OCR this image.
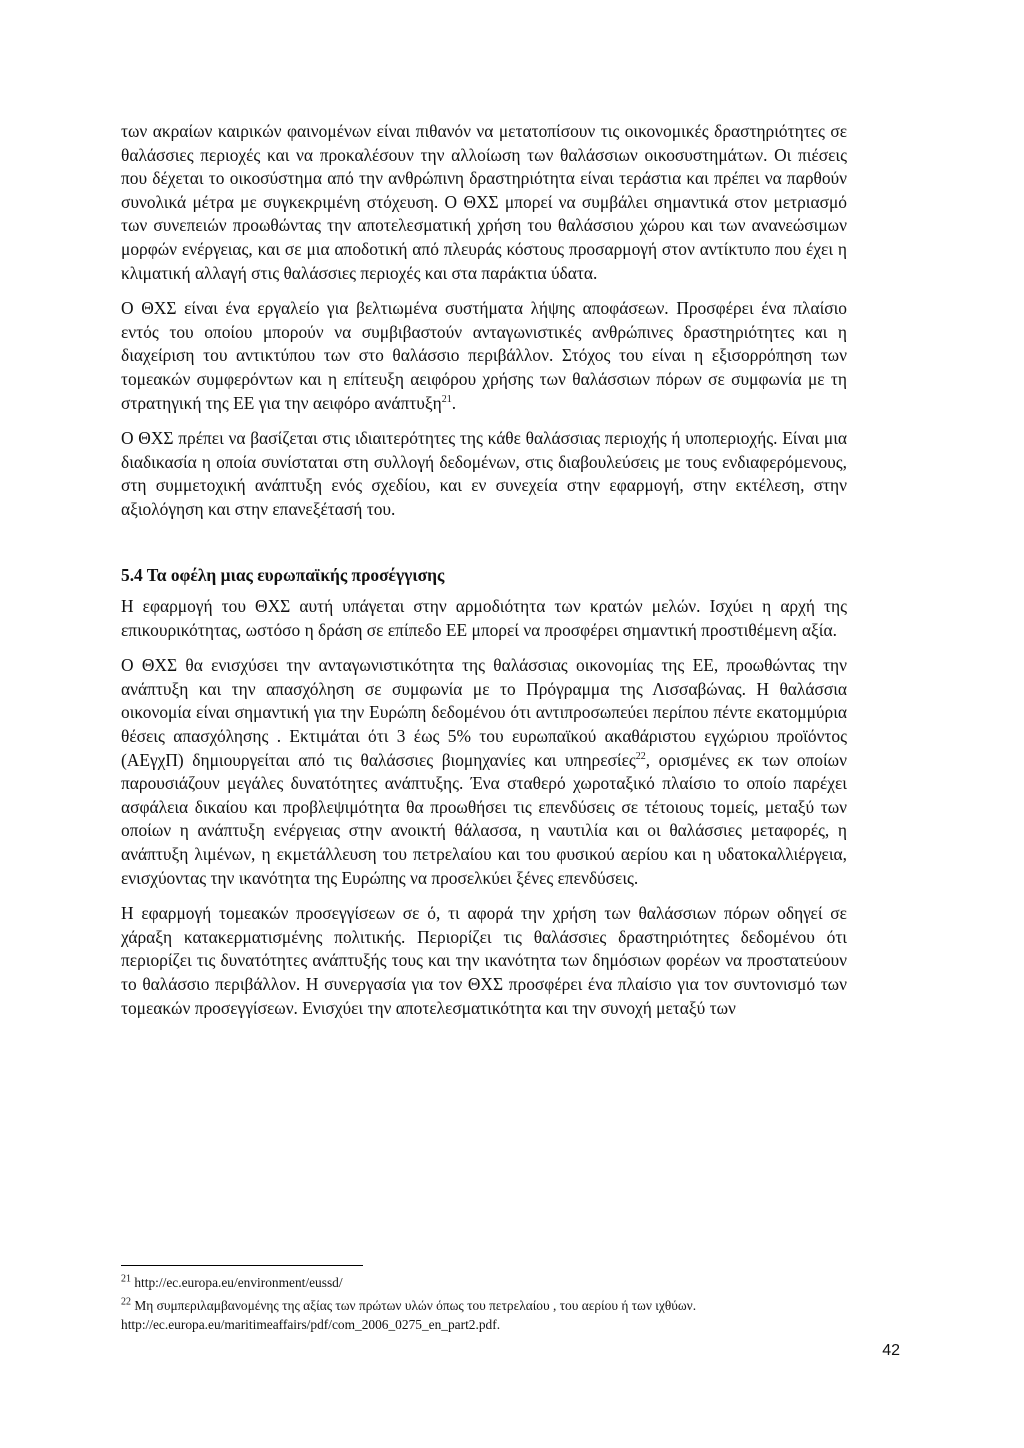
των ακραίων καιρικών φαινομένων είναι πιθανόν να μετατοπίσουν τις οικονομικές δραστηριότητες σε θαλάσσιες περιοχές και να προκαλέσουν την αλλοίωση των θαλάσσιων οικοσυστημάτων. Οι πιέσεις που δέχεται το οικοσύστημα από την ανθρώπινη δραστηριότητα είναι τεράστια και πρέπει να παρθούν συνολικά μέτρα με συγκεκριμένη στόχευση. Ο ΘΧΣ μπορεί να συμβάλει σημαντικά στον μετριασμό των συνεπειών προωθώντας την αποτελεσματική χρήση του θαλάσσιου χώρου και των ανανεώσιμων μορφών ενέργειας, και σε μια αποδοτική από πλευράς κόστους προσαρμογή στον αντίκτυπο που έχει η κλιματική αλλαγή στις θαλάσσιες περιοχές και στα παράκτια ύδατα.

Ο ΘΧΣ είναι ένα εργαλείο για βελτιωμένα συστήματα λήψης αποφάσεων. Προσφέρει ένα πλαίσιο εντός του οποίου μπορούν να συμβιβαστούν ανταγωνιστικές ανθρώπινες δραστηριότητες και η διαχείριση του αντικτύπου των στο θαλάσσιο περιβάλλον. Στόχος του είναι η εξισορρόπηση των τομεακών συμφερόντων και η επίτευξη αειφόρου χρήσης των θαλάσσιων πόρων σε συμφωνία με τη στρατηγική της ΕΕ για την αειφόρο ανάπτυξη$^{21}$.

Ο ΘΧΣ πρέπει να βασίζεται στις ιδιαιτερότητες της κάθε θαλάσσιας περιοχής ή υποπεριοχής. Είναι μια διαδικασία η οποία συνίσταται στη συλλογή δεδομένων, στις διαβουλεύσεις με τους ενδιαφερόμενους, στη συμμετοχική ανάπτυξη ενός σχεδίου, και εν συνεχεία στην εφαρμογή, στην εκτέλεση, στην αξιολόγηση και στην επανεξέτασή του.

5.4 Τα οφέλη μιας ευρωπαϊκής προσέγγισης

Η εφαρμογή του ΘΧΣ αυτή υπάγεται στην αρμοδιότητα των κρατών μελών. Ισχύει η αρχή της επικουρικότητας, ωστόσο η δράση σε επίπεδο ΕΕ μπορεί να προσφέρει σημαντική προστιθέμενη αξία.

Ο ΘΧΣ θα ενισχύσει την ανταγωνιστικότητα της θαλάσσιας οικονομίας της ΕΕ, προωθώντας την ανάπτυξη και την απασχόληση σε συμφωνία με το Πρόγραμμα της Λισσαβώνας. Η θαλάσσια οικονομία είναι σημαντική για την Ευρώπη δεδομένου ότι αντιπροσωπεύει περίπου πέντε εκατομμύρια θέσεις απασχόλησης . Εκτιμάται ότι 3 έως 5% του ευρωπαϊκού ακαθάριστου εγχώριου προϊόντος (ΑΕγχΠ) δημιουργείται από τις θαλάσσιες βιομηχανίες και υπηρεσίες$^{22}$, ορισμένες εκ των οποίων παρουσιάζουν μεγάλες δυνατότητες ανάπτυξης. Ένα σταθερό χωροταξικό πλαίσιο το οποίο παρέχει ασφάλεια δικαίου και προβλεψιμότητα θα προωθήσει τις επενδύσεις σε τέτοιους τομείς, μεταξύ των οποίων η ανάπτυξη ενέργειας στην ανοικτή θάλασσα, η ναυτιλία και οι θαλάσσιες μεταφορές, η ανάπτυξη λιμένων, η εκμετάλλευση του πετρελαίου και του φυσικού αερίου και η υδατοκαλλιέργεια, ενισχύοντας την ικανότητα της Ευρώπης να προσελκύει ξένες επενδύσεις.

Η εφαρμογή τομεακών προσεγγίσεων σε ό, τι αφορά την χρήση των θαλάσσιων πόρων οδηγεί σε χάραξη κατακερματισμένης πολιτικής. Περιορίζει τις θαλάσσιες δραστηριότητες δεδομένου ότι περιορίζει τις δυνατότητες ανάπτυξής τους και την ικανότητα των δημόσιων φορέων να προστατεύουν το θαλάσσιο περιβάλλον. Η συνεργασία για τον ΘΧΣ προσφέρει ένα πλαίσιο για τον συντονισμό των τομεακών προσεγγίσεων. Ενισχύει την αποτελεσματικότητα και την συνοχή μεταξύ των

$^{21}$ http://ec.europa.eu/environment/eussd/

$^{22}$ Μη συμπεριλαμβανομένης της αξίας των πρώτων υλών όπως του πετρελαίου , του αερίου ή των ιχθύων. http://ec.europa.eu/maritimeaffairs/pdf/com_2006_0275_en_part2.pdf.

42
